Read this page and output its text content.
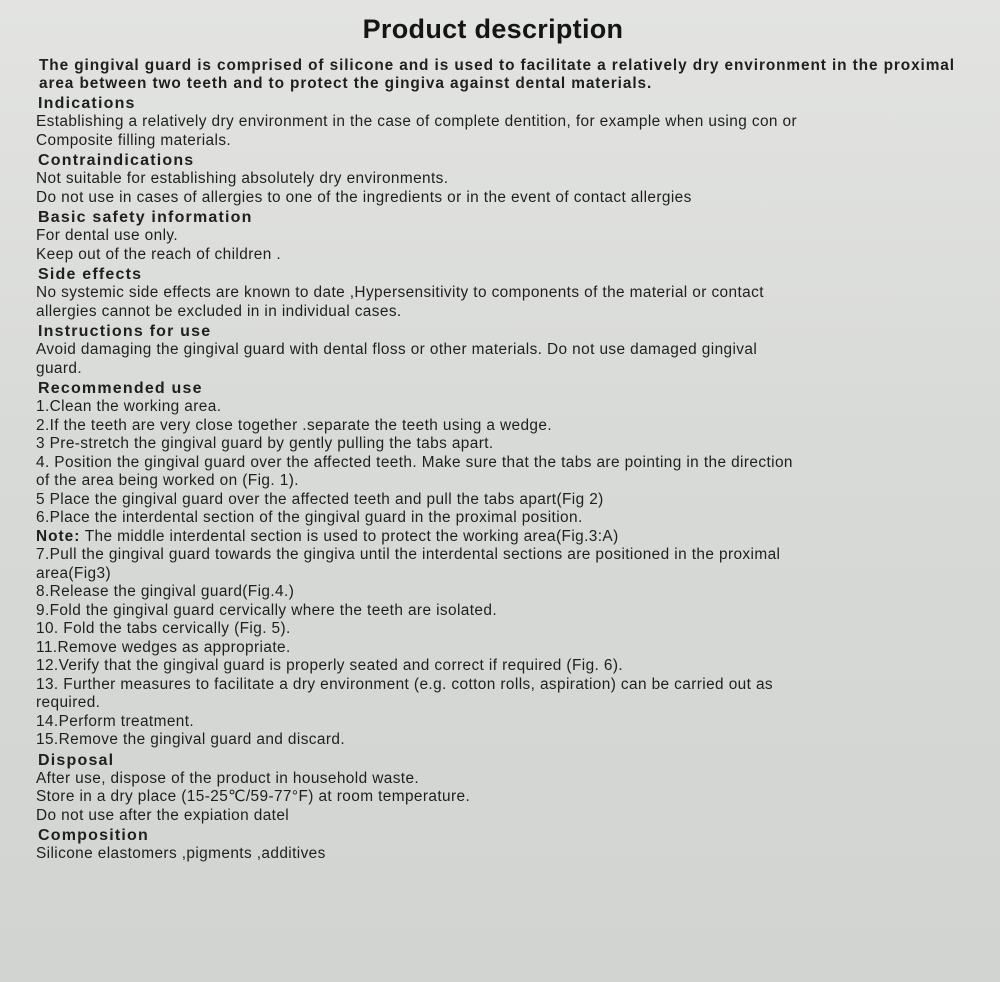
Product description
The gingival guard is comprised of silicone and is used to facilitate a relatively dry environment in the proximal area between two teeth and to protect the gingiva against dental materials.
Indications
Establishing a relatively dry environment in the case of complete dentition, for example when using con or
Composite filling materials.
Contraindications
Not suitable for establishing absolutely dry environments.
Do not use in cases of allergies to one of the ingredients or in the event of contact allergies
Basic safety information
For dental use only.
Keep out of the reach of children .
Side effects
No systemic side effects are known to date ,Hypersensitivity to components of the material or contact
allergies cannot be excluded in in individual cases.
Instructions for use
Avoid damaging the gingival guard with dental floss or other materials. Do not use damaged gingival
guard.
Recommended use
1.Clean the working area.
2.If the teeth are very close together .separate the teeth using a wedge.
3 Pre-stretch the gingival guard by gently pulling the tabs apart.
4. Position the gingival guard over the affected teeth. Make sure that the tabs are pointing in the direction
of the area being worked on (Fig. 1).
5 Place the gingival guard over the affected teeth and pull the tabs apart(Fig 2)
6.Place the interdental section of the gingival guard in the proximal position.
Note: The middle interdental section is used to protect the working area(Fig.3:A)
7.Pull the gingival guard towards the gingiva until the interdental sections are positioned in the proximal
area(Fig3)
8.Release the gingival guard(Fig.4.)
9.Fold the gingival guard cervically where the teeth are isolated.
10. Fold the tabs cervically (Fig. 5).
11.Remove wedges as appropriate.
12.Verify that the gingival guard is properly seated and correct if required (Fig. 6).
13. Further measures to facilitate a dry environment (e.g. cotton rolls, aspiration) can be carried out as
required.
14.Perform treatment.
15.Remove the gingival guard and discard.
Disposal
After use, dispose of the product in household waste.
Store in a dry place (15-25℃/59-77°F) at room temperature.
Do not use after the expiation datel
Composition
Silicone elastomers ,pigments ,additives
